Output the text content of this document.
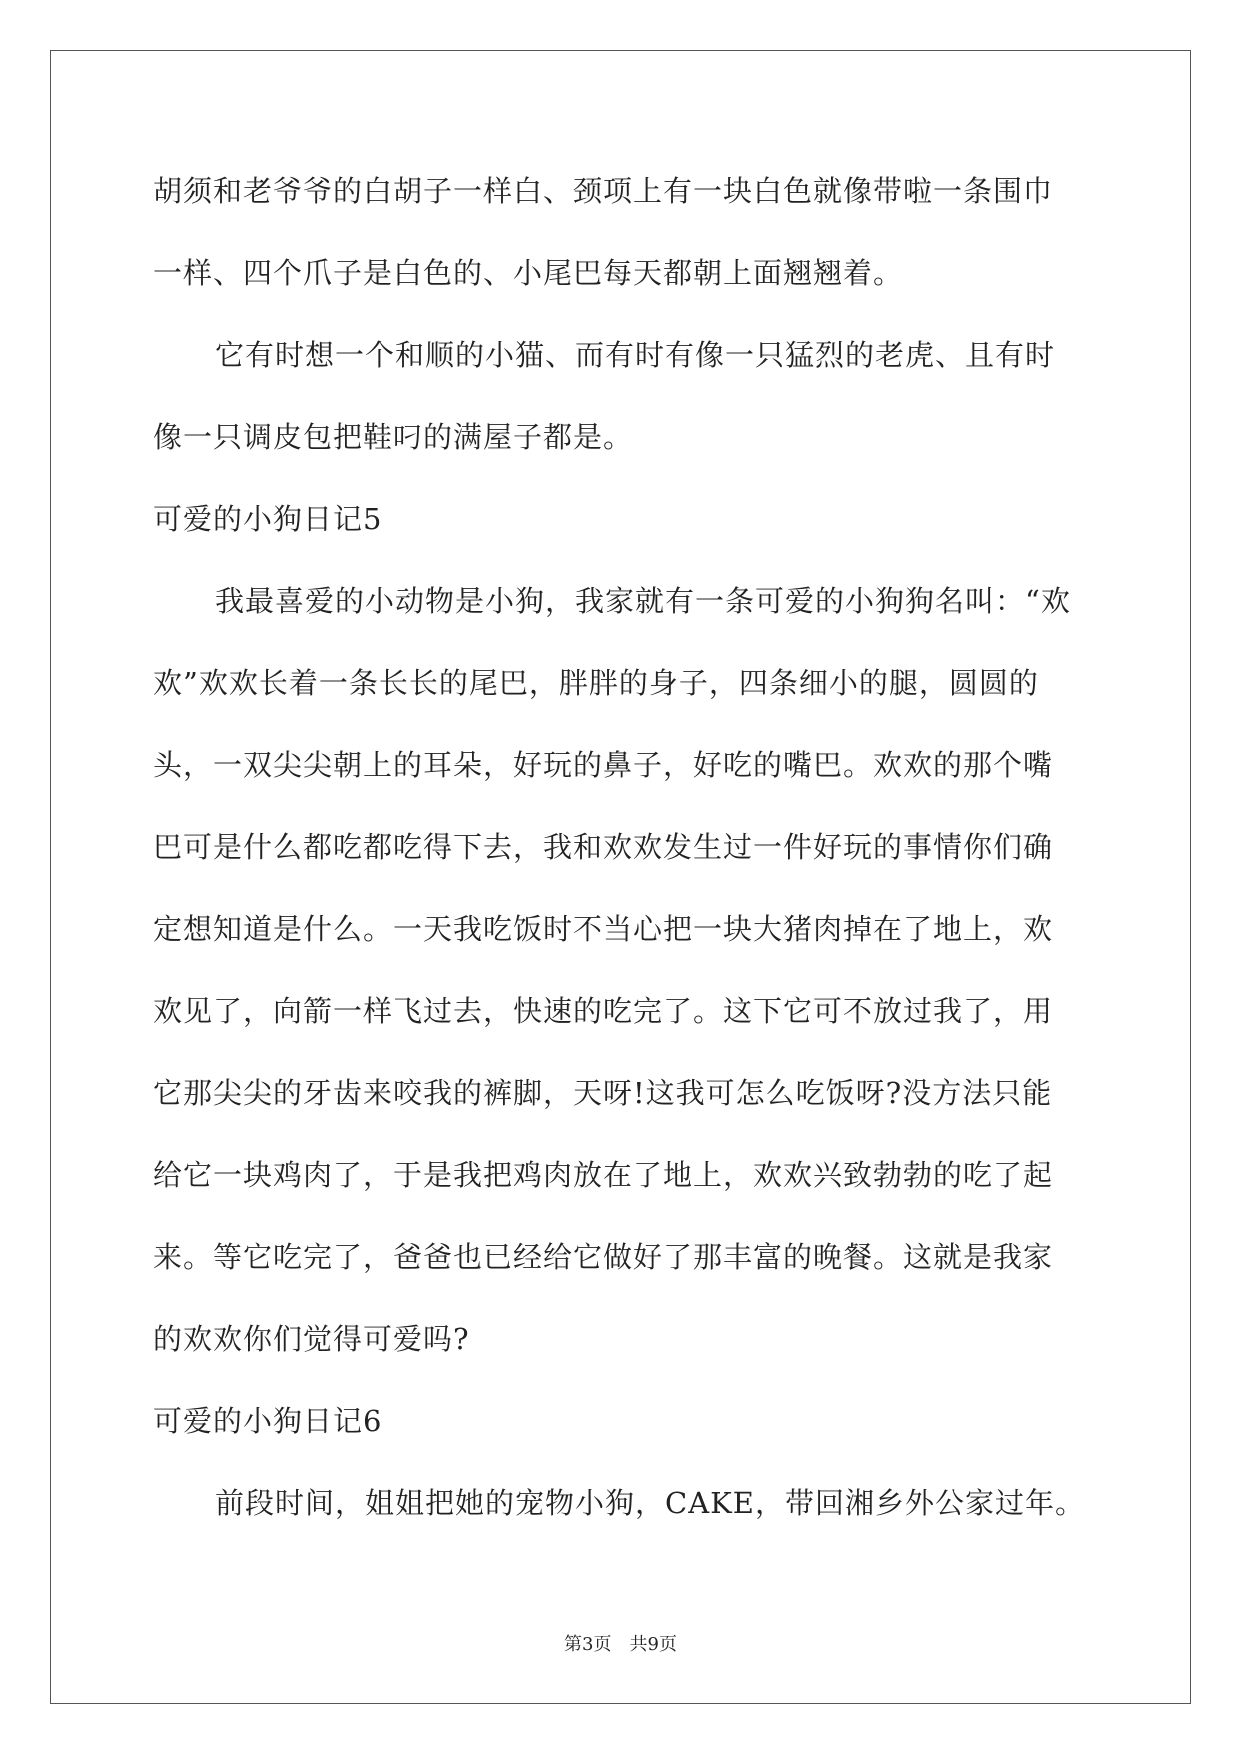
胡须和老爷爷的白胡子一样白、颈项上有一块白色就像带啦一条围巾
一样、四个爪子是白色的、小尾巴每天都朝上面翘翘着。
它有时想一个和顺的小猫、而有时有像一只猛烈的老虎、且有时
像一只调皮包把鞋叼的满屋子都是。
可爱的小狗日记5
我最喜爱的小动物是小狗，我家就有一条可爱的小狗狗名叫：“欢
欢”欢欢长着一条长长的尾巴，胖胖的身子，四条细小的腿，圆圆的
头，一双尖尖朝上的耳朵，好玩的鼻子，好吃的嘴巴。欢欢的那个嘴
巴可是什么都吃都吃得下去，我和欢欢发生过一件好玩的事情你们确
定想知道是什么。一天我吃饭时不当心把一块大猪肉掉在了地上，欢
欢见了，向箭一样飞过去，快速的吃完了。这下它可不放过我了，用
它那尖尖的牙齿来咬我的裤脚，天呀!这我可怎么吃饭呀?没方法只能
给它一块鸡肉了，于是我把鸡肉放在了地上，欢欢兴致勃勃的吃了起
来。等它吃完了，爸爸也已经给它做好了那丰富的晚餐。这就是我家
的欢欢你们觉得可爱吗?
可爱的小狗日记6
前段时间，姐姐把她的宠物小狗，CAKE，带回湘乡外公家过年。
第3页　共9页
